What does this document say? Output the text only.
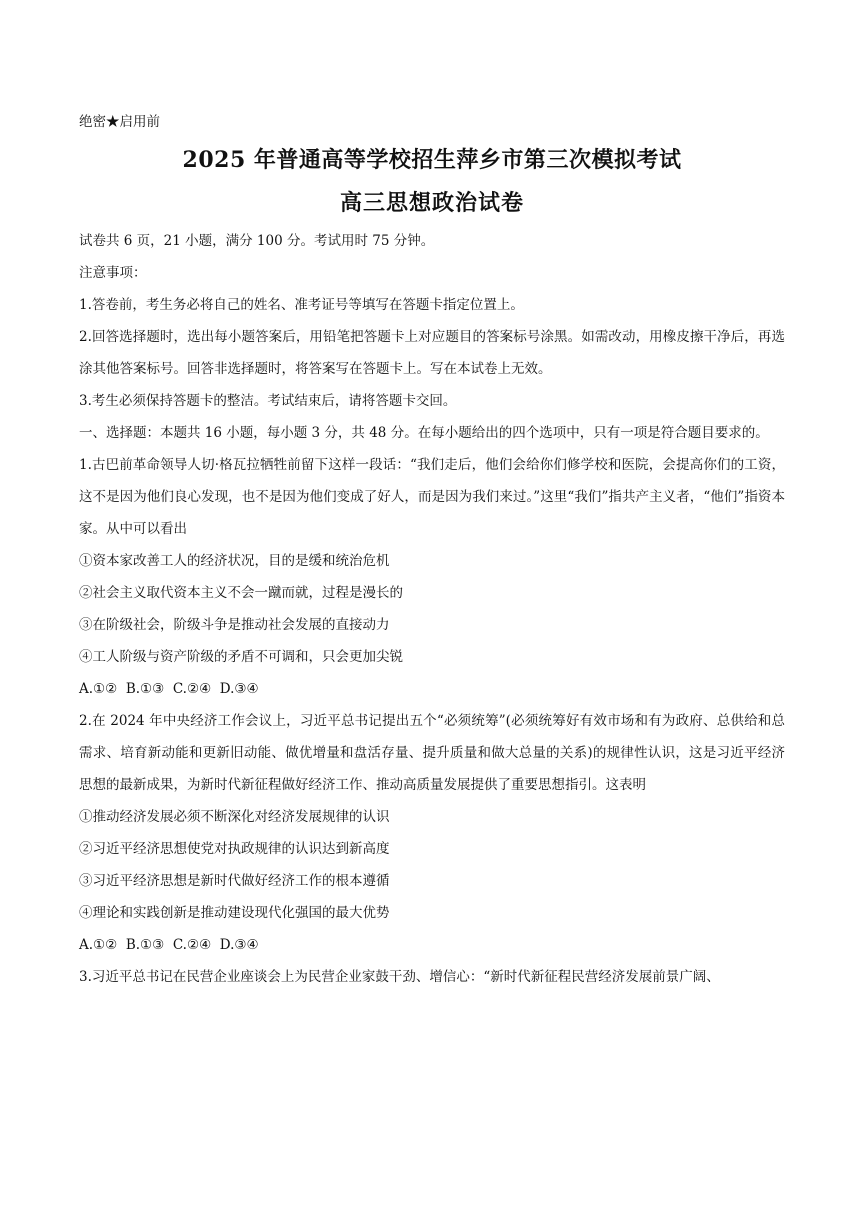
绝密★启用前
2025 年普通高等学校招生萍乡市第三次模拟考试
高三思想政治试卷

试卷共 6 页，21 小题，满分 100 分。考试用时 75 分钟。

注意事项：

1.答卷前，考生务必将自己的姓名、准考证号等填写在答题卡指定位置上。

2.回答选择题时，选出每小题答案后，用铅笔把答题卡上对应题目的答案标号涂黑。如需改动，用橡皮擦干净后，再选涂其他答案标号。回答非选择题时，将答案写在答题卡上。写在本试卷上无效。

3.考生必须保持答题卡的整洁。考试结束后，请将答题卡交回。

一、选择题：本题共 16 小题，每小题 3 分，共 48 分。在每小题给出的四个选项中，只有一项是符合题目要求的。

1.古巴前革命领导人切·格瓦拉牺牲前留下这样一段话：“我们走后，他们会给你们修学校和医院，会提高你们的工资，这不是因为他们良心发现，也不是因为他们变成了好人，而是因为我们来过。”这里“我们”指共产主义者，“他们”指资本家。从中可以看出

①资本家改善工人的经济状况，目的是缓和统治危机

②社会主义取代资本主义不会一蹴而就，过程是漫长的

③在阶级社会，阶级斗争是推动社会发展的直接动力

④工人阶级与资产阶级的矛盾不可调和，只会更加尖锐

A.①②  B.①③  C.②④  D.③④

2.在 2024 年中央经济工作会议上，习近平总书记提出五个“必须统筹”(必须统筹好有效市场和有为政府、总供给和总需求、培育新动能和更新旧动能、做优增量和盘活存量、提升质量和做大总量的关系)的规律性认识，这是习近平经济思想的最新成果，为新时代新征程做好经济工作、推动高质量发展提供了重要思想指引。这表明

①推动经济发展必须不断深化对经济发展规律的认识

②习近平经济思想使党对执政规律的认识达到新高度

③习近平经济思想是新时代做好经济工作的根本遵循

④理论和实践创新是推动建设现代化强国的最大优势

A.①②  B.①③  C.②④  D.③④

3.习近平总书记在民营企业座谈会上为民营企业家鼓干劲、增信心：“新时代新征程民营经济发展前景广阔、
